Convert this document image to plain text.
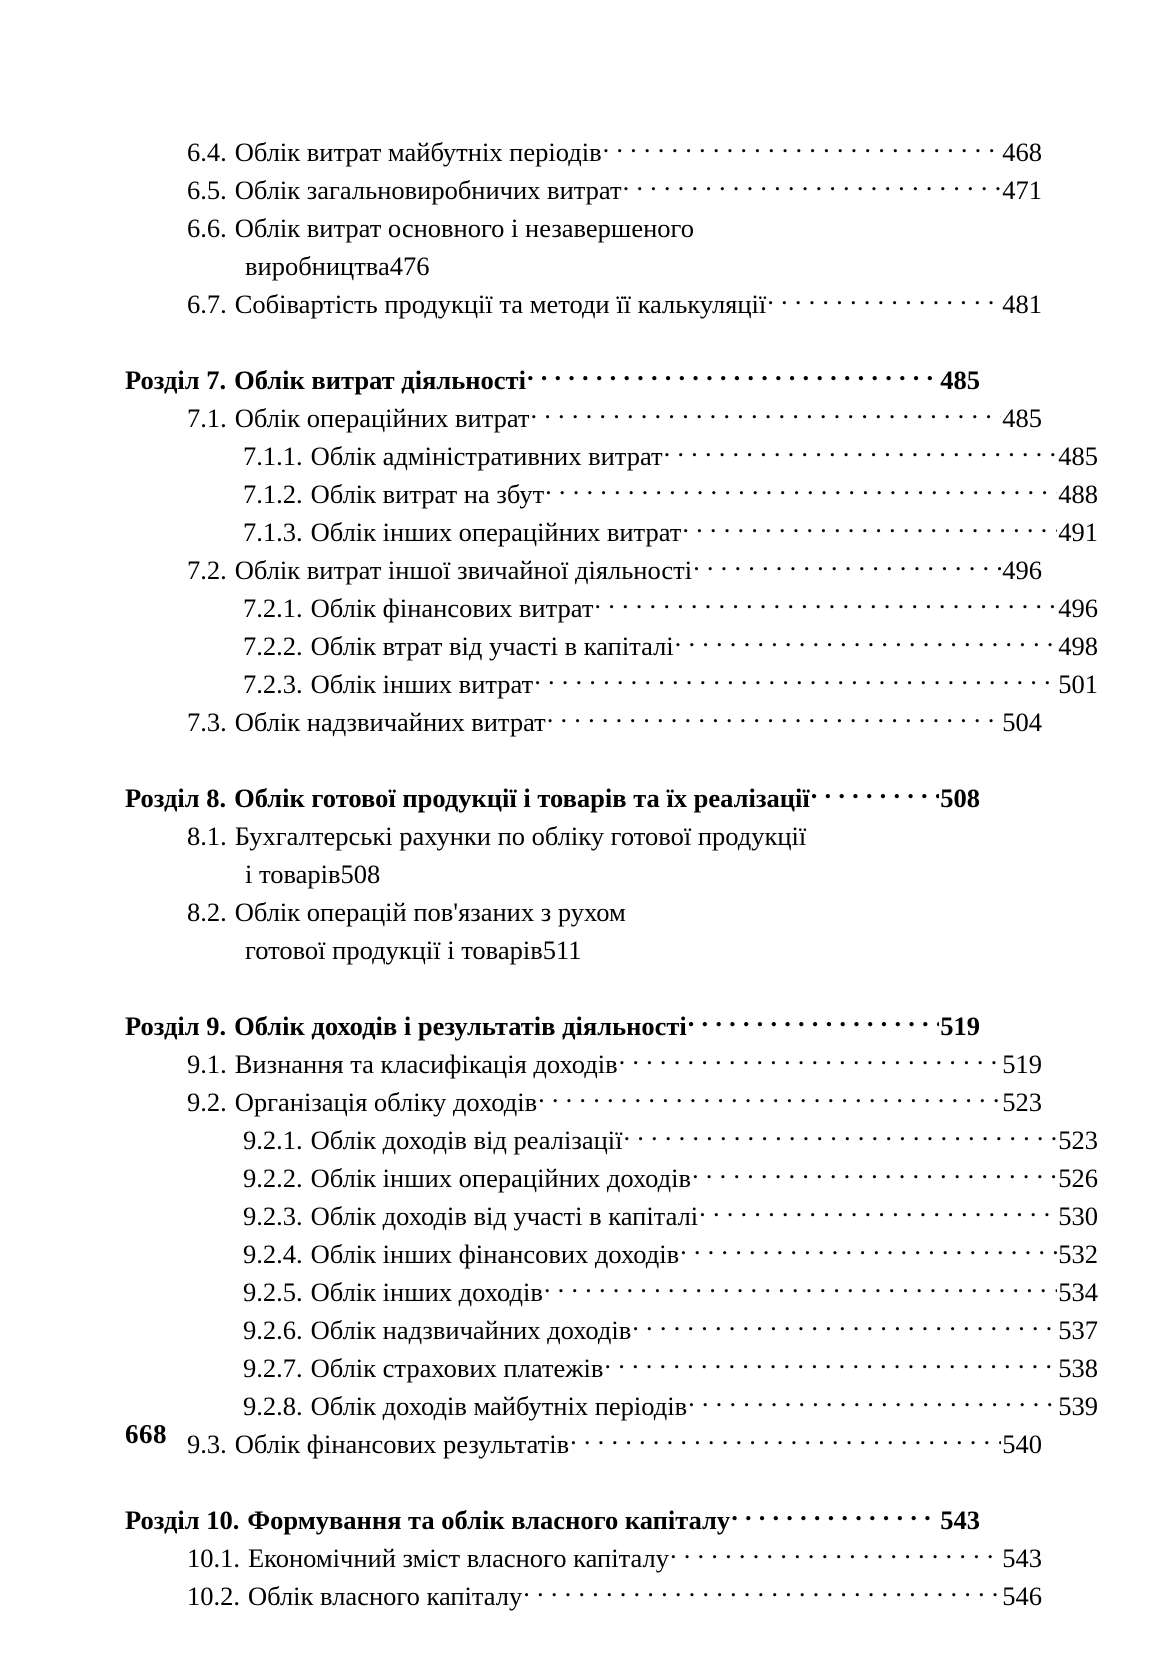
6.4. Облік витрат майбутніх періодів . . .	468
6.5. Облік загальновиробничих витрат . . .	471
6.6. Облік витрат основного і незавершеного
виробництва 476
6.7. Собівартість продукції та методи її калькуляції . . .	481
Розділ 7. Облік витрат діяльності . . .	485
7.1. Облік операційних витрат . . .	485
7.1.1. Облік адміністративних витрат . . .	485
7.1.2. Облік витрат на збут . . .	488
7.1.3. Облік інших операційних витрат . . .	491
7.2. Облік витрат іншої звичайної діяльності . . .	496
7.2.1. Облік фінансових витрат . . .	496
7.2.2. Облік втрат від участі в капіталі . . .	498
7.2.3. Облік інших витрат . . .	501
7.3. Облік надзвичайних витрат . . .	504
Розділ 8. Облік готової продукції і товарів та їх реалізації . . .	508
8.1. Бухгалтерські рахунки по обліку готової продукції
і товарів 508
8.2. Облік операцій пов'язаних з рухом
готової продукції і товарів 511
Розділ 9. Облік доходів і результатів діяльності . . .	519
9.1. Визнання та класифікація доходів . . .	519
9.2. Організація обліку доходів . . .	523
9.2.1. Облік доходів від реалізації . . .	523
9.2.2. Облік інших операційних доходів . . .	526
9.2.3. Облік доходів від участі в капіталі . . .	530
9.2.4. Облік інших фінансових доходів . . .	532
9.2.5. Облік інших доходів . . .	534
9.2.6. Облік надзвичайних доходів . . .	537
9.2.7. Облік страхових платежів . . .	538
9.2.8. Облік доходів майбутніх періодів . . .	539
9.3. Облік фінансових результатів . . .	540
Розділ 10. Формування та облік власного капіталу . . .	543
10.1. Економічний зміст власного капіталу . . .	543
10.2. Облік власного капіталу . . .	546
668
